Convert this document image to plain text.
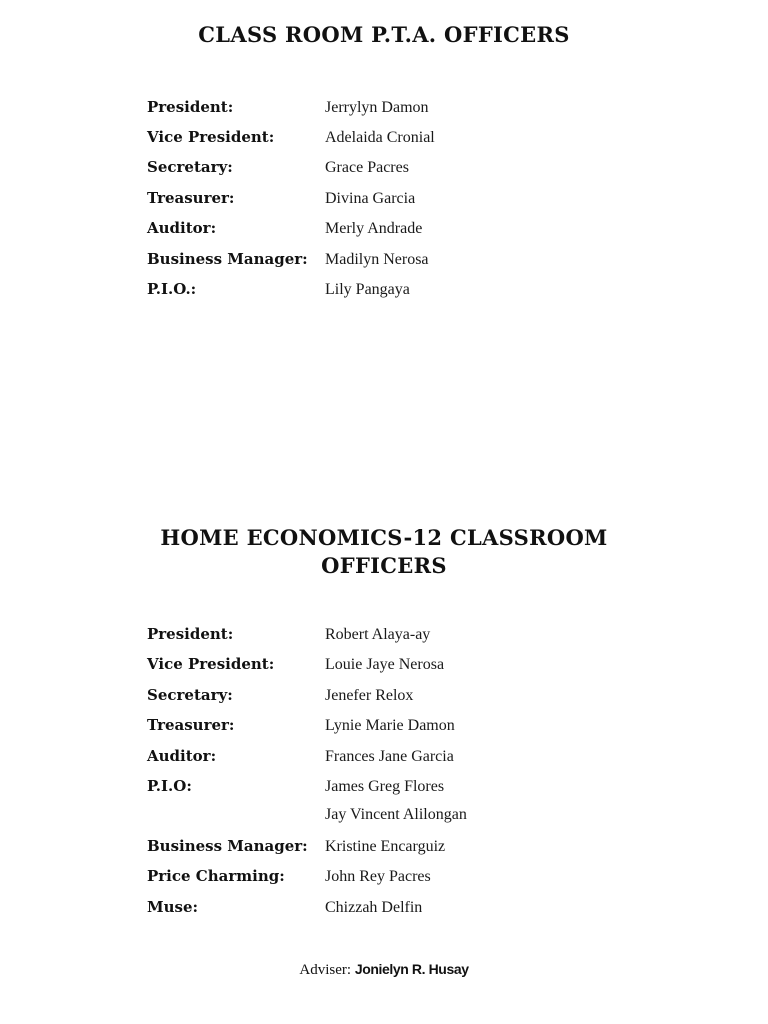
CLASS ROOM P.T.A. OFFICERS
President:	Jerrylyn Damon
Vice President:	Adelaida Cronial
Secretary:	Grace Pacres
Treasurer:	Divina Garcia
Auditor:	Merly Andrade
Business Manager:	Madilyn Nerosa
P.I.O.:	Lily Pangaya
HOME ECONOMICS-12 CLASSROOM
OFFICERS
President:	Robert Alaya-ay
Vice President:	Louie Jaye Nerosa
Secretary:	Jenefer Relox
Treasurer:	Lynie Marie Damon
Auditor:	Frances Jane Garcia
P.I.O:	James Greg Flores
Jay Vincent Alilongan
Business Manager:	Kristine Encarguiz
Price Charming:	John Rey Pacres
Muse:	Chizzah Delfin
Adviser: Jonielyn R. Husay
